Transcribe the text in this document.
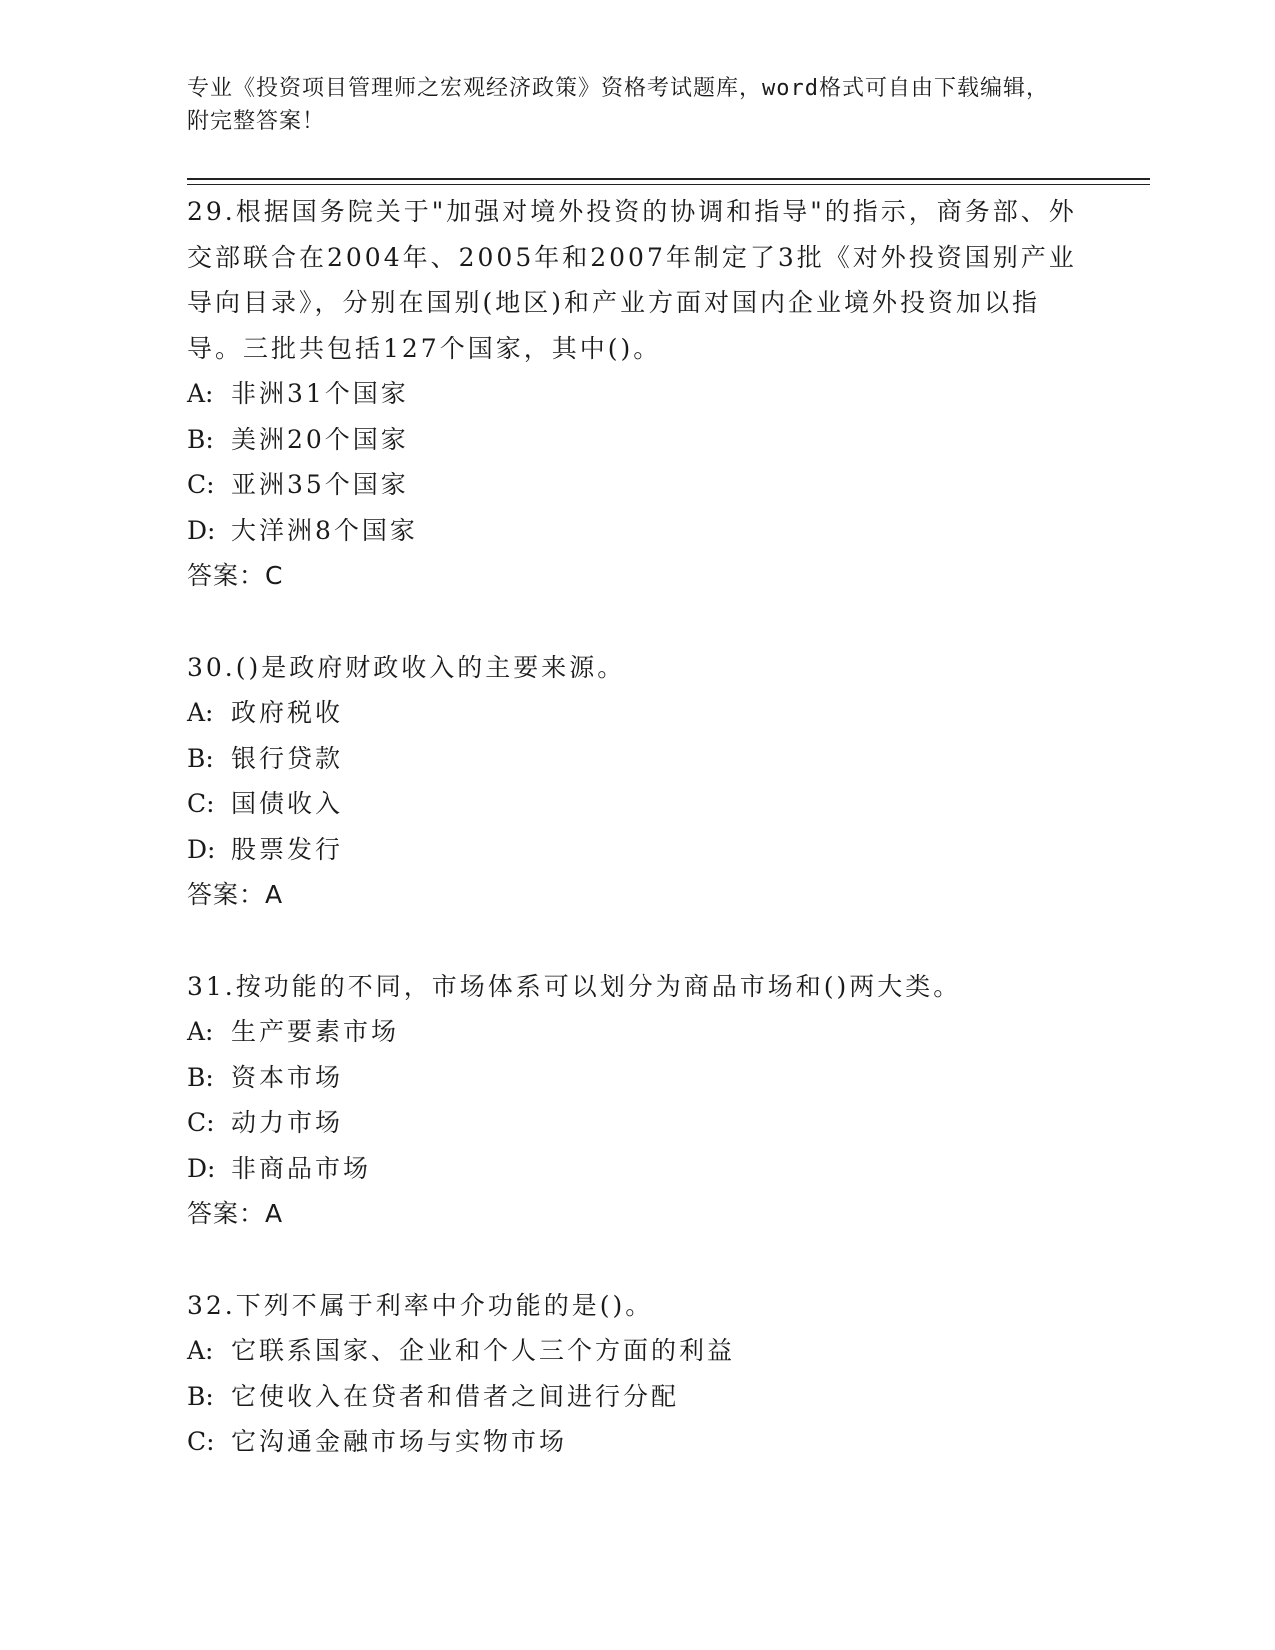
专业《投资项目管理师之宏观经济政策》资格考试题库，word格式可自由下载编辑，附完整答案！

29.根据国务院关于"加强对境外投资的协调和指导"的指示，商务部、外交部联合在2004年、2005年和2007年制定了3批《对外投资国别产业导向目录》，分别在国别(地区)和产业方面对国内企业境外投资加以指导。三批共包括127个国家，其中()。

A: 非洲31个国家

B: 美洲20个国家

C: 亚洲35个国家

D: 大洋洲8个国家

答案：C

30.()是政府财政收入的主要来源。

A: 政府税收

B: 银行贷款

C: 国债收入

D: 股票发行

答案：A

31.按功能的不同，市场体系可以划分为商品市场和()两大类。

A: 生产要素市场

B: 资本市场

C: 动力市场

D: 非商品市场

答案：A

32.下列不属于利率中介功能的是()。

A: 它联系国家、企业和个人三个方面的利益

B: 它使收入在贷者和借者之间进行分配

C: 它沟通金融市场与实物市场
